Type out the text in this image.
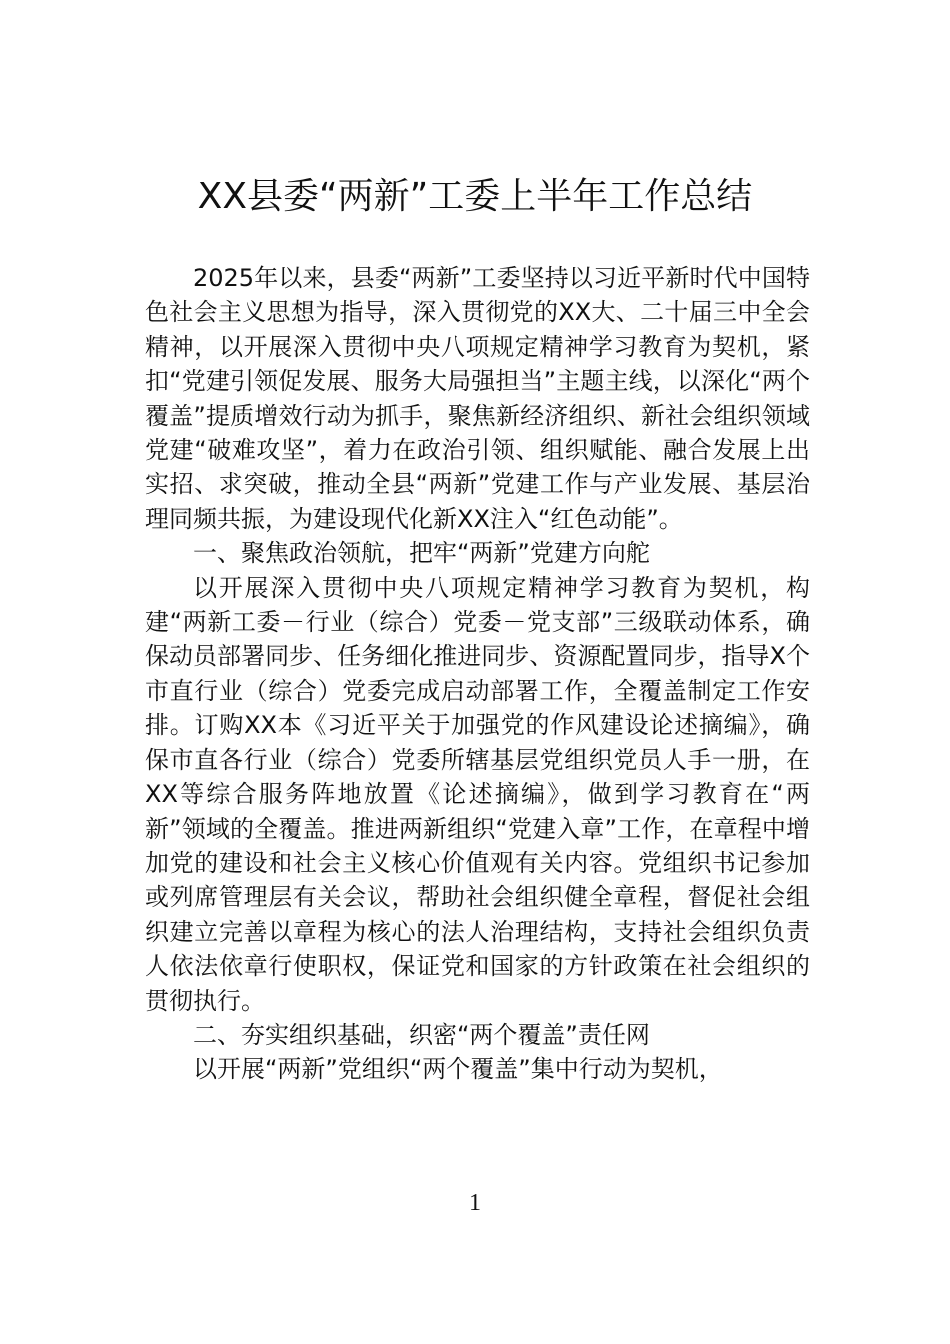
XX县委“两新”工委上半年工作总结

2025年以来，县委“两新”工委坚持以习近平新时代中国特色社会主义思想为指导，深入贯彻党的XX大、二十届三中全会精神，以开展深入贯彻中央八项规定精神学习教育为契机，紧扣“党建引领促发展、服务大局强担当”主题主线，以深化“两个覆盖”提质增效行动为抓手，聚焦新经济组织、新社会组织领域党建“破难攻坚”，着力在政治引领、组织赋能、融合发展上出实招、求突破，推动全县“两新”党建工作与产业发展、基层治理同频共振，为建设现代化新XX注入“红色动能”。

一、聚焦政治领航，把牢“两新”党建方向舵

以开展深入贯彻中央八项规定精神学习教育为契机，构建“两新工委－行业（综合）党委－党支部”三级联动体系，确保动员部署同步、任务细化推进同步、资源配置同步，指导X个市直行业（综合）党委完成启动部署工作，全覆盖制定工作安排。订购XX本《习近平关于加强党的作风建设论述摘编》，确保市直各行业（综合）党委所辖基层党组织党员人手一册，在XX等综合服务阵地放置《论述摘编》，做到学习教育在“两新”领域的全覆盖。推进两新组织“党建入章”工作，在章程中增加党的建设和社会主义核心价值观有关内容。党组织书记参加或列席管理层有关会议，帮助社会组织健全章程，督促社会组织建立完善以章程为核心的法人治理结构，支持社会组织负责人依法依章行使职权，保证党和国家的方针政策在社会组织的贯彻执行。

二、夯实组织基础，织密“两个覆盖”责任网

以开展“两新”党组织“两个覆盖”集中行动为契机，

1
